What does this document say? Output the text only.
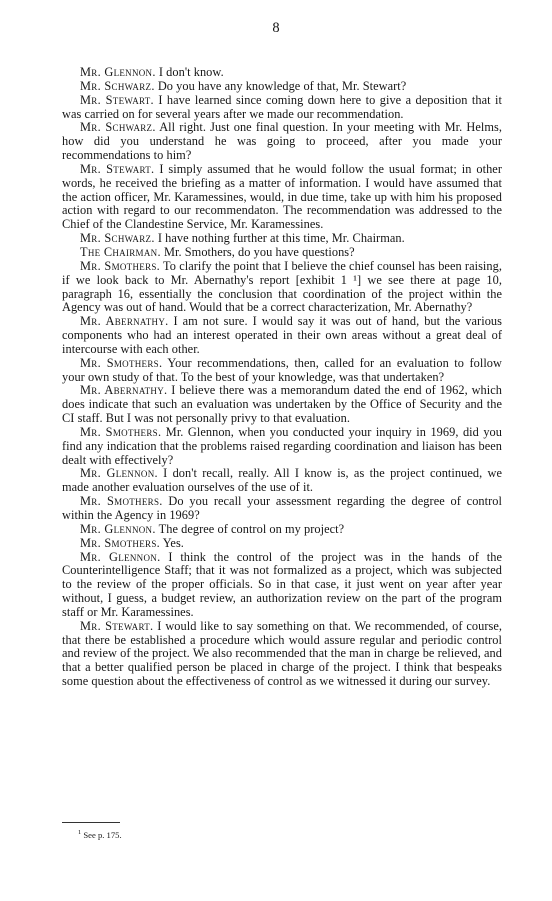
8

Mr. Glennon. I don't know.

Mr. Schwarz. Do you have any knowledge of that, Mr. Stewart?

Mr. Stewart. I have learned since coming down here to give a deposition that it was carried on for several years after we made our recommendation.

Mr. Schwarz. All right. Just one final question. In your meeting with Mr. Helms, how did you understand he was going to proceed, after you made your recommendations to him?

Mr. Stewart. I simply assumed that he would follow the usual format; in other words, he received the briefing as a matter of information. I would have assumed that the action officer, Mr. Karamessines, would, in due time, take up with him his proposed action with regard to our recommendaton. The recommendation was addressed to the Chief of the Clandestine Service, Mr. Karamessines.

Mr. Schwarz. I have nothing further at this time, Mr. Chairman.

The Chairman. Mr. Smothers, do you have questions?

Mr. Smothers. To clarify the point that I believe the chief counsel has been raising, if we look back to Mr. Abernathy's report [exhibit 1 ¹] we see there at page 10, paragraph 16, essentially the conclusion that coordination of the project within the Agency was out of hand. Would that be a correct characterization, Mr. Abernathy?

Mr. Abernathy. I am not sure. I would say it was out of hand, but the various components who had an interest operated in their own areas without a great deal of intercourse with each other.

Mr. Smothers. Your recommendations, then, called for an evaluation to follow your own study of that. To the best of your knowledge, was that undertaken?

Mr. Abernathy. I believe there was a memorandum dated the end of 1962, which does indicate that such an evaluation was undertaken by the Office of Security and the CI staff. But I was not personally privy to that evaluation.

Mr. Smothers. Mr. Glennon, when you conducted your inquiry in 1969, did you find any indication that the problems raised regarding coordination and liaison has been dealt with effectively?

Mr. Glennon. I don't recall, really. All I know is, as the project continued, we made another evaluation ourselves of the use of it.

Mr. Smothers. Do you recall your assessment regarding the degree of control within the Agency in 1969?

Mr. Glennon. The degree of control on my project?

Mr. Smothers. Yes.

Mr. Glennon. I think the control of the project was in the hands of the Counterintelligence Staff; that it was not formalized as a project, which was subjected to the review of the proper officials. So in that case, it just went on year after year without, I guess, a budget review, an authorization review on the part of the program staff or Mr. Karamessines.

Mr. Stewart. I would like to say something on that. We recommended, of course, that there be established a procedure which would assure regular and periodic control and review of the project. We also recommended that the man in charge be relieved, and that a better qualified person be placed in charge of the project. I think that bespeaks some question about the effectiveness of control as we witnessed it during our survey.

$^1$ See p. 175.
